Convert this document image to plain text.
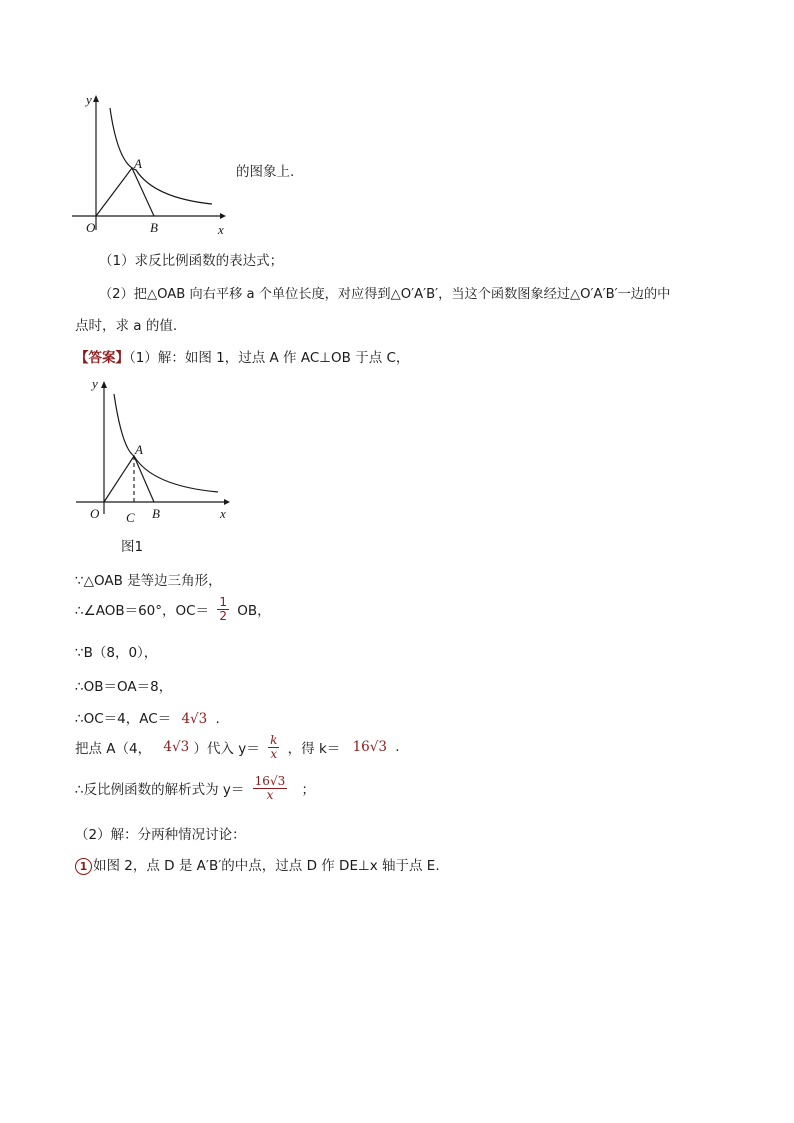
y
x
O
A
B
的图象上.
（1）求反比例函数的表达式；
（2）把△OAB 向右平移 a 个单位长度，对应得到△O′A′B′，当这个函数图象经过△O′A′B′一边的中
点时，求 a 的值.
【答案】（1）解：如图 1，过点 A 作 AC⊥OB 于点 C，
y
x
O
A
C B
图1
∵△OAB 是等边三角形，
∴∠AOB＝60°，$OC= \frac{1}{2}$ OB，
∵B（8，0），
∴OB＝OA＝8，
∴OC＝4，AC＝ 4√3 .
把点 A（4， 4√3 ）代入 $y= \frac{k}{x}$ ，得 k＝ 16√3 .
∴反比例函数的解析式为 $y= \frac{16√3}{x}$ ；
（2）解：分两种情况讨论：
1 如图 2，点 D 是 A′B′的中点，过点 D 作 DE⊥x 轴于点 E.
